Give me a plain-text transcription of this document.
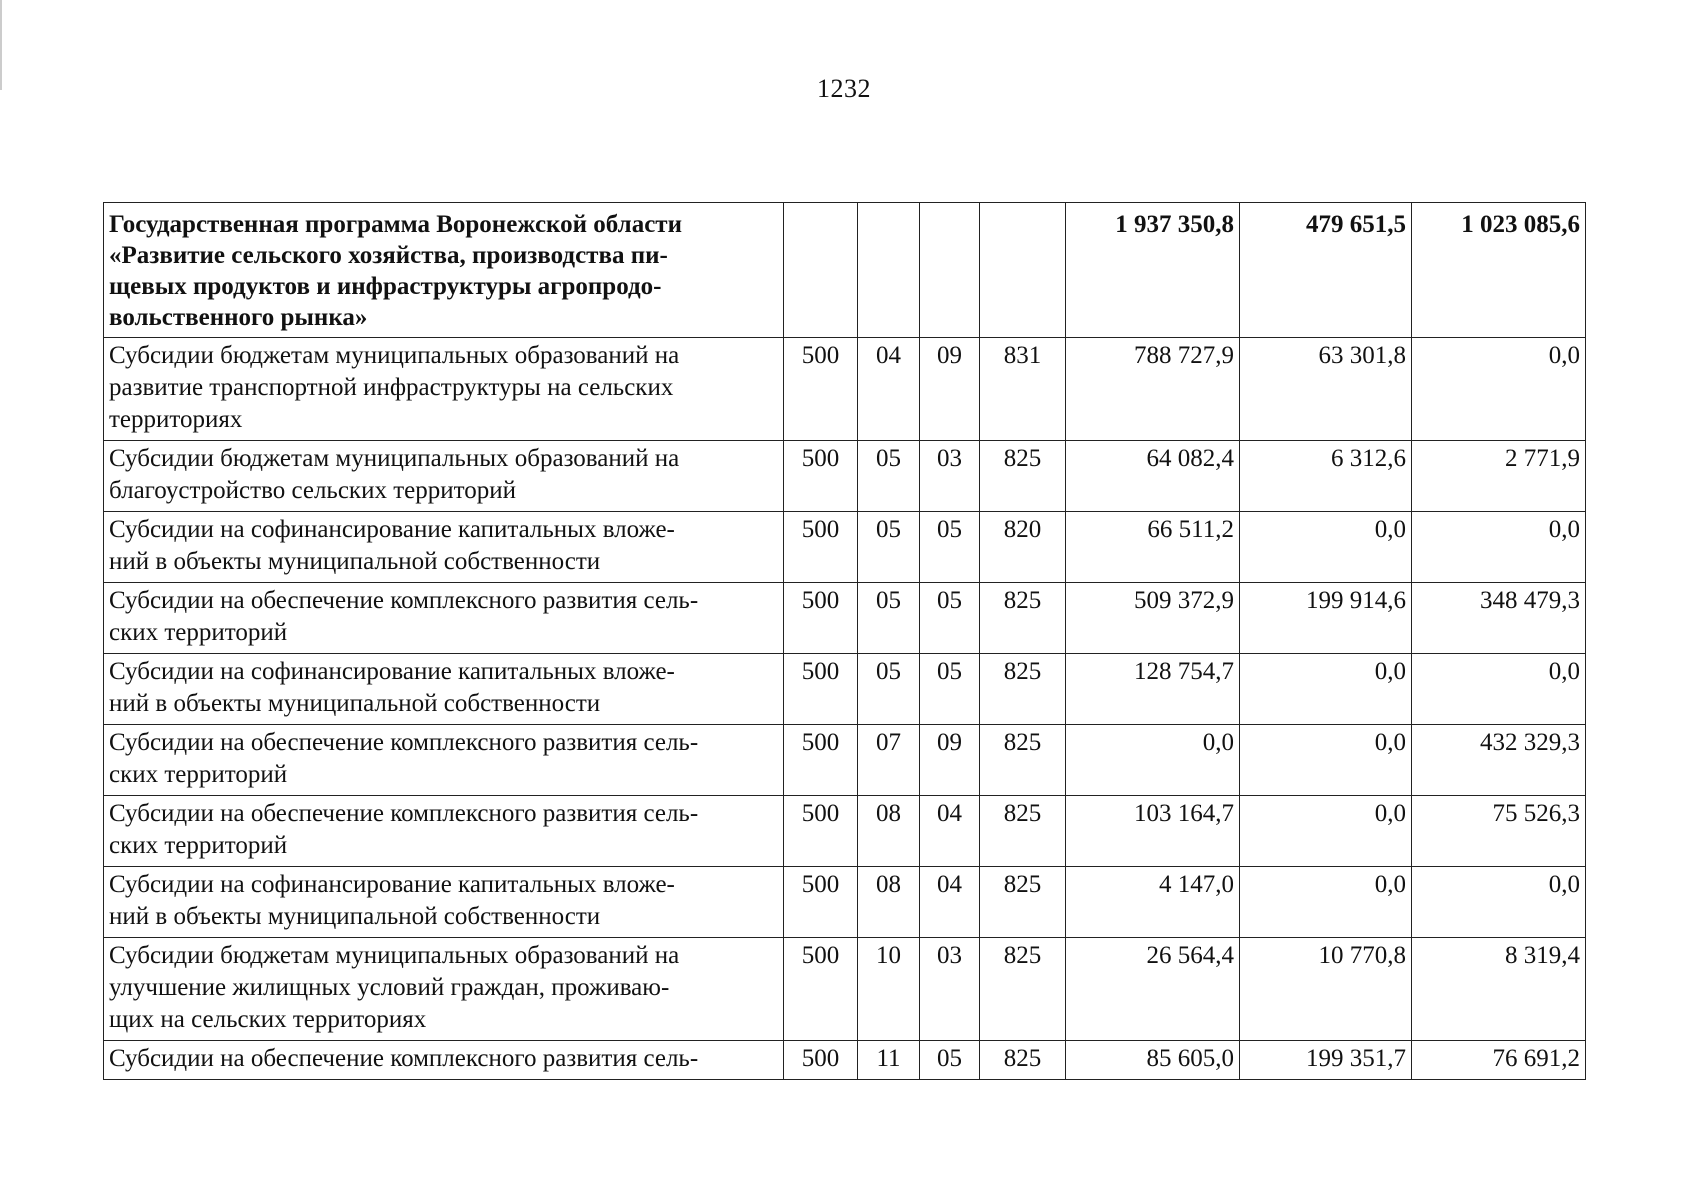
1232
Государственная программа Воронежской области
«Развитие сельского хозяйства, производства пи-
щевых продуктов и инфраструктуры агропродо-
вольственного рынка»					1 937 350,8	479 651,5	1 023 085,6

Субсидии бюджетам муниципальных образований на
развитие транспортной инфраструктуры на сельских
территориях	500	04	09	831	788 727,9	63 301,8	0,0

Субсидии бюджетам муниципальных образований на
благоустройство сельских территорий	500	05	03	825	64 082,4	6 312,6	2 771,9

Субсидии на софинансирование капитальных вложе-
ний в объекты муниципальной собственности	500	05	05	820	66 511,2	0,0	0,0

Субсидии на обеспечение комплексного развития сель-
ских территорий	500	05	05	825	509 372,9	199 914,6	348 479,3

Субсидии на софинансирование капитальных вложе-
ний в объекты муниципальной собственности	500	05	05	825	128 754,7	0,0	0,0

Субсидии на обеспечение комплексного развития сель-
ских территорий	500	07	09	825	0,0	0,0	432 329,3

Субсидии на обеспечение комплексного развития сель-
ских территорий	500	08	04	825	103 164,7	0,0	75 526,3

Субсидии на софинансирование капитальных вложе-
ний в объекты муниципальной собственности	500	08	04	825	4 147,0	0,0	0,0

Субсидии бюджетам муниципальных образований на
улучшение жилищных условий граждан, проживаю-
щих на сельских территориях	500	10	03	825	26 564,4	10 770,8	8 319,4

Субсидии на обеспечение комплексного развития сель-	500	11	05	825	85 605,0	199 351,7	76 691,2
